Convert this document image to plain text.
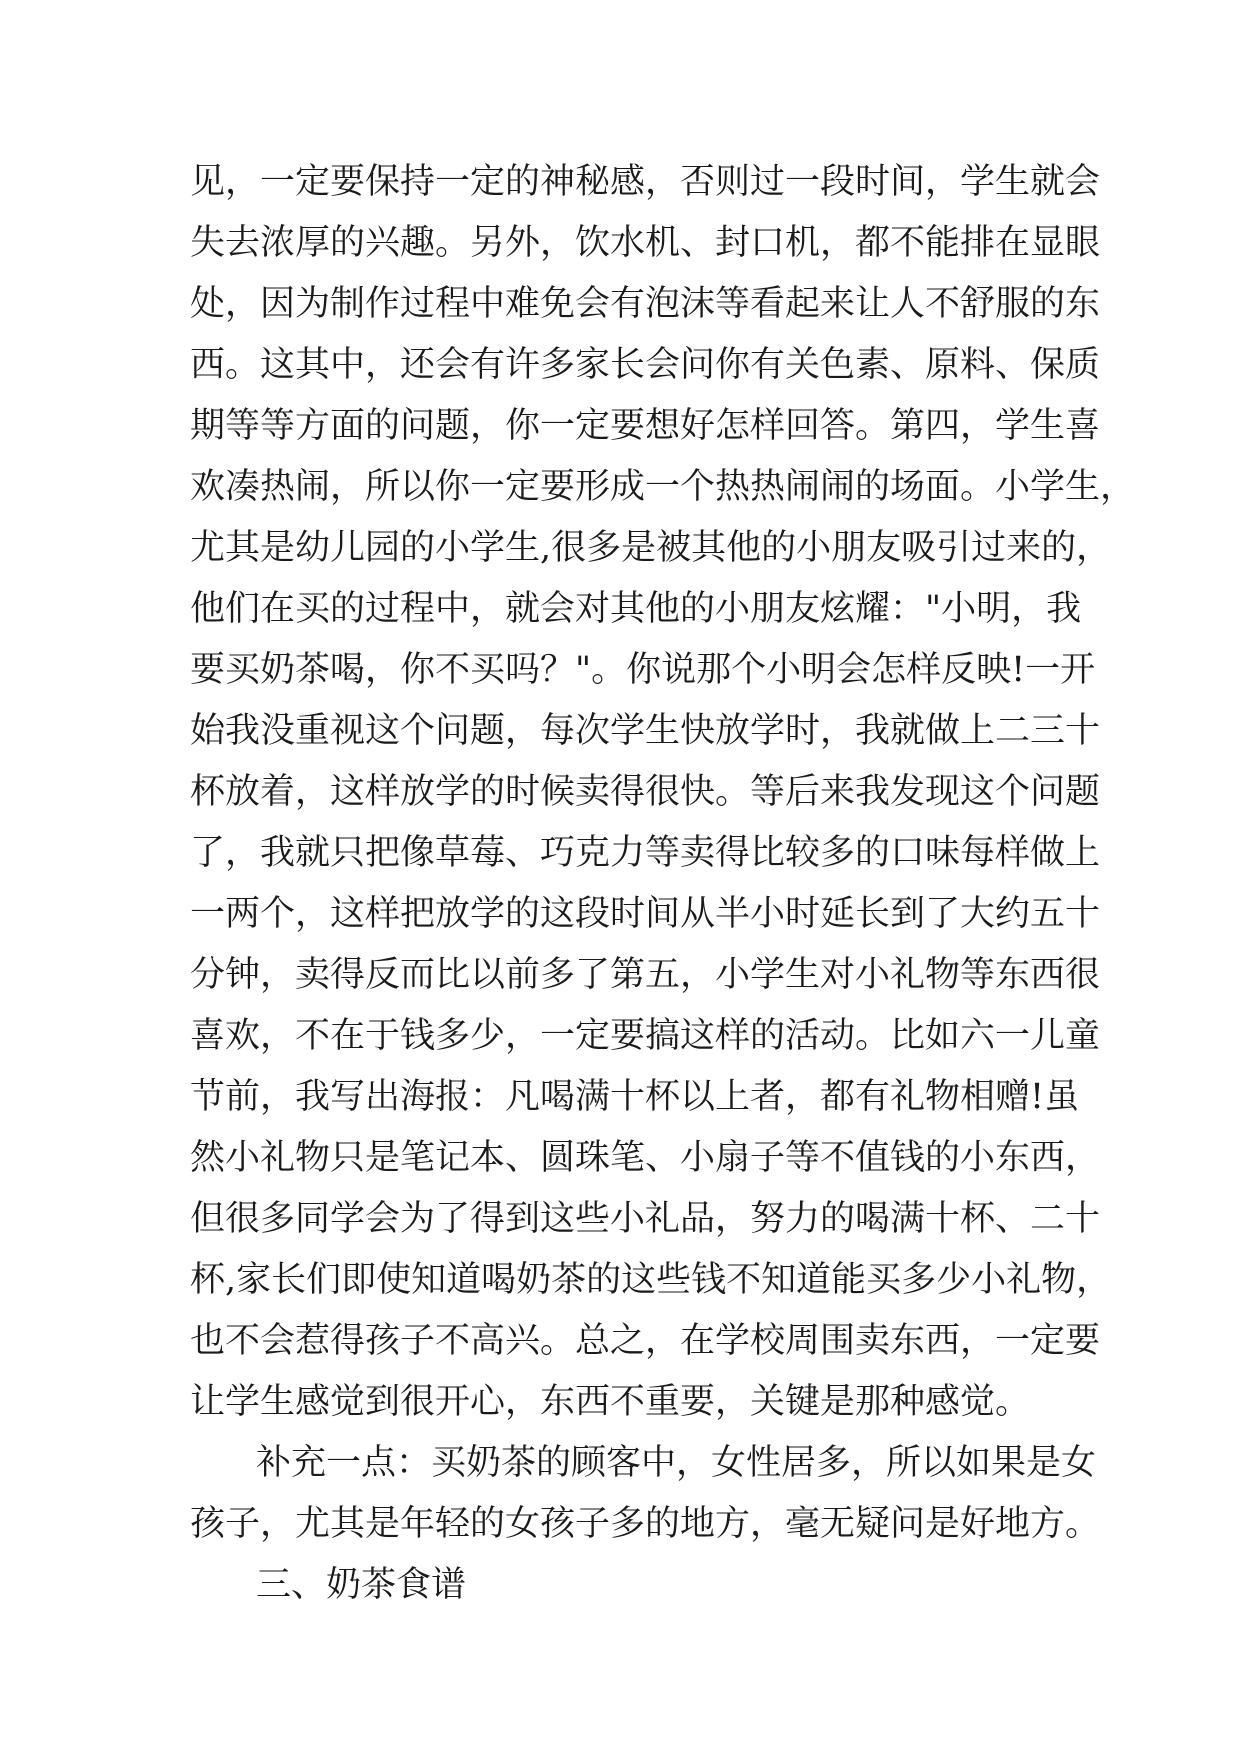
见，一定要保持一定的神秘感，否则过一段时间，学生就会
失去浓厚的兴趣。另外，饮水机、封口机，都不能排在显眼
处，因为制作过程中难免会有泡沫等看起来让人不舒服的东
西。这其中，还会有许多家长会问你有关色素、原料、保质
期等等方面的问题，你一定要想好怎样回答。第四，学生喜
欢凑热闹，所以你一定要形成一个热热闹闹的场面。小学生，
尤其是幼儿园的小学生,很多是被其他的小朋友吸引过来的，
他们在买的过程中，就会对其他的小朋友炫耀："小明，我
要买奶茶喝，你不买吗？"。你说那个小明会怎样反映!一开
始我没重视这个问题，每次学生快放学时，我就做上二三十
杯放着，这样放学的时候卖得很快。等后来我发现这个问题
了，我就只把像草莓、巧克力等卖得比较多的口味每样做上
一两个，这样把放学的这段时间从半小时延长到了大约五十
分钟，卖得反而比以前多了第五，小学生对小礼物等东西很
喜欢，不在于钱多少，一定要搞这样的活动。比如六一儿童
节前，我写出海报：凡喝满十杯以上者，都有礼物相赠!虽
然小礼物只是笔记本、圆珠笔、小扇子等不值钱的小东西，
但很多同学会为了得到这些小礼品，努力的喝满十杯、二十
杯,家长们即使知道喝奶茶的这些钱不知道能买多少小礼物，
也不会惹得孩子不高兴。总之，在学校周围卖东西，一定要
让学生感觉到很开心，东西不重要，关键是那种感觉。
补充一点：买奶茶的顾客中，女性居多，所以如果是女
孩子，尤其是年轻的女孩子多的地方，毫无疑问是好地方。
三、奶茶食谱
